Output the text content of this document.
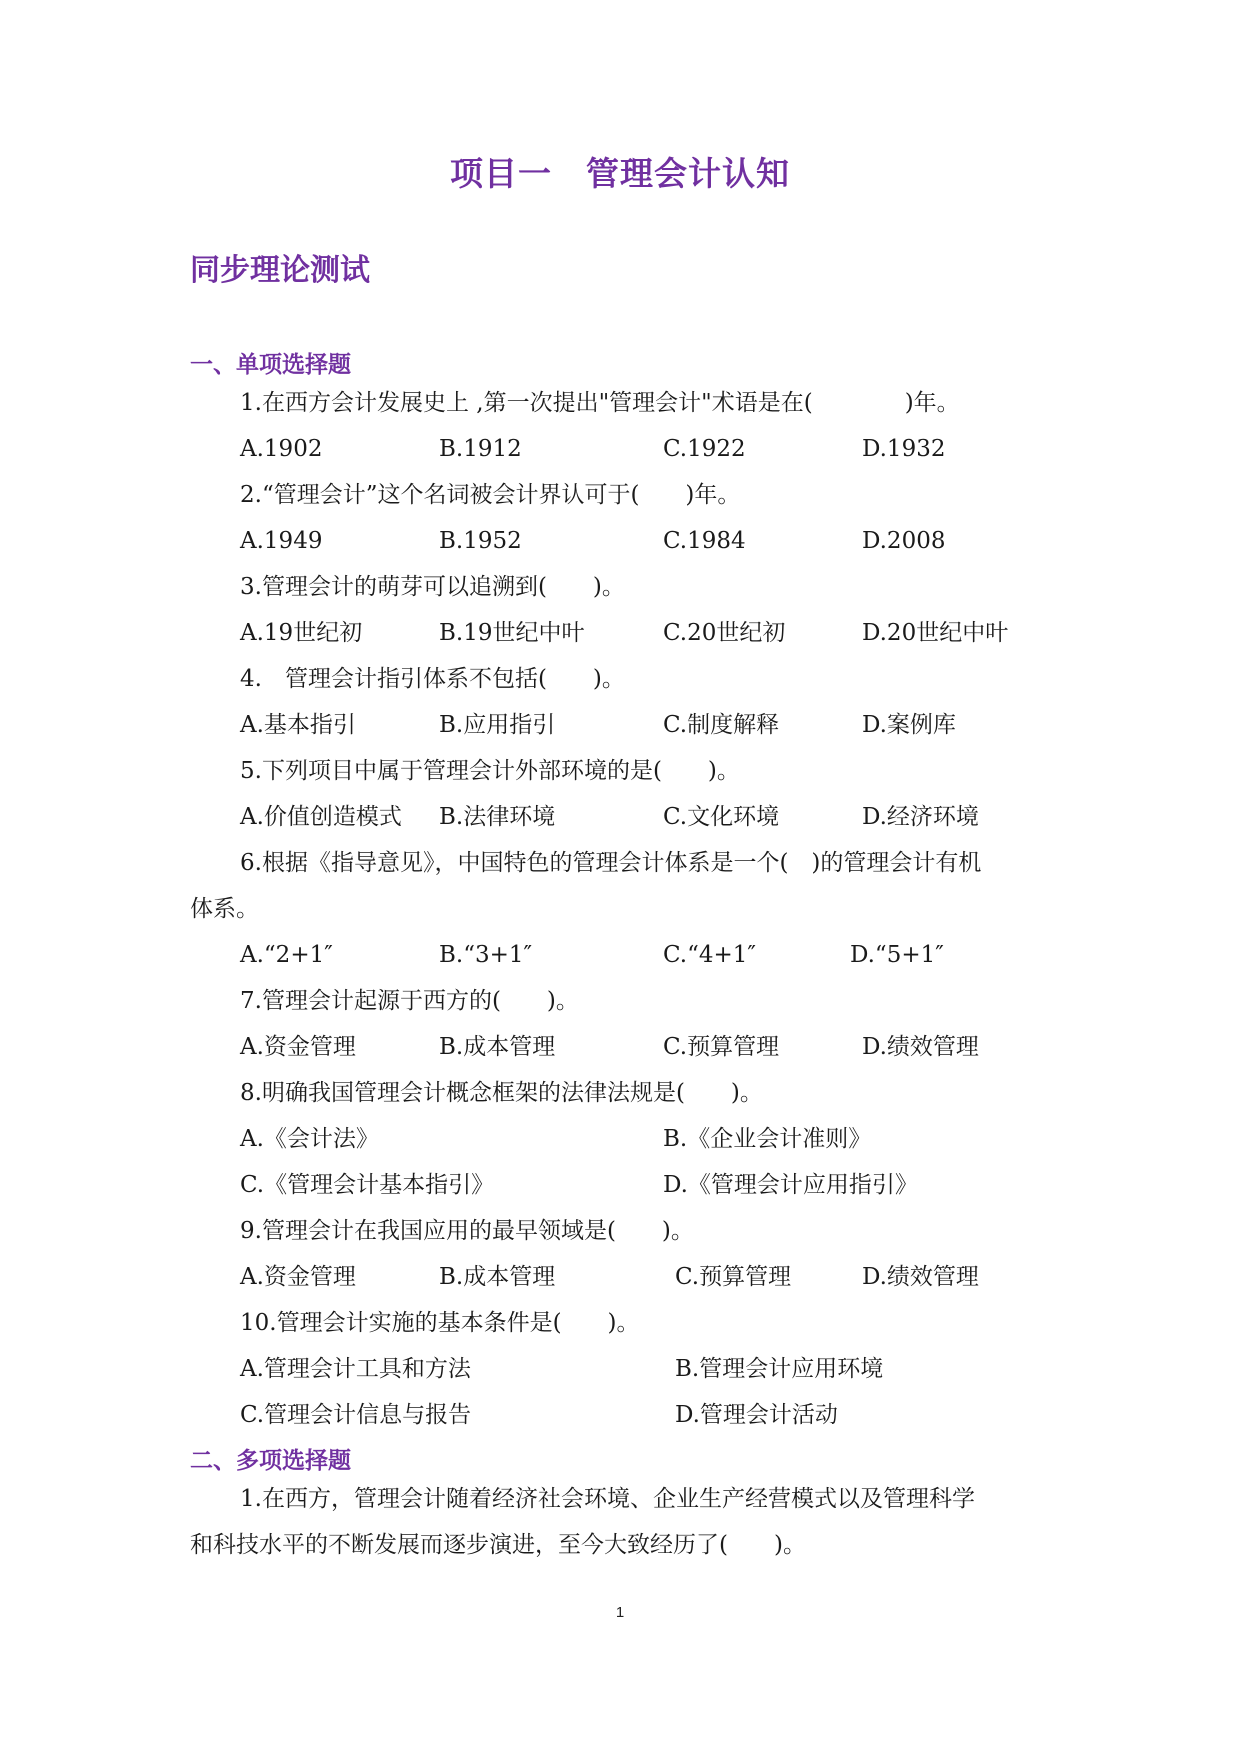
项目一　管理会计认知
同步理论测试
一、单项选择题

1.在西方会计发展史上 ,第一次提出"管理会计"术语是在(　　　　)年。

A.1902	B.1912	C.1922	D.1932

2.“管理会计”这个名词被会计界认可于(　　)年。

A.1949	B.1952	C.1984	D.2008

3.管理会计的萌芽可以追溯到(　　)。

A.19世纪初	B.19世纪中叶	C.20世纪初	D.20世纪中叶

4.　管理会计指引体系不包括(　　)。

A.基本指引	B.应用指引	C.制度解释	D.案例库

5.下列项目中属于管理会计外部环境的是(　　)。

A.价值创造模式 B.法律环境	C.文化环境	D.经济环境

6.根据《指导意见》，中国特色的管理会计体系是一个(　)的管理会计有机

体系。

A.“2+1″	B.“3+1″	C.“4+1″	D.“5+1″

7.管理会计起源于西方的(　　)。

A.资金管理	B.成本管理	C.预算管理	D.绩效管理

8.明确我国管理会计概念框架的法律法规是(　　)。

A.《会计法》	B.《企业会计准则》
C.《管理会计基本指引》	D.《管理会计应用指引》

9.管理会计在我国应用的最早领域是(　　)。

A.资金管理	B.成本管理	C.预算管理	D.绩效管理

10.管理会计实施的基本条件是(　　)。

A.管理会计工具和方法	B.管理会计应用环境
C.管理会计信息与报告	D.管理会计活动
二、多项选择题

1.在西方，管理会计随着经济社会环境、企业生产经营模式以及管理科学

和科技水平的不断发展而逐步演进，至今大致经历了(　　)。

1
